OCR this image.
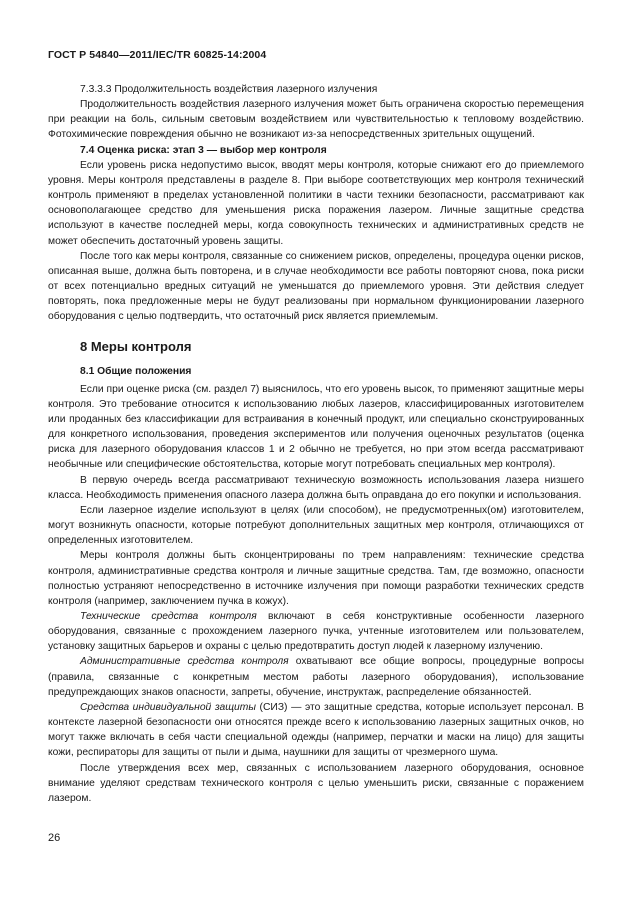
ГОСТ Р 54840—2011/IEC/TR 60825-14:2004

7.3.3.3 Продолжительность воздействия лазерного излучения

Продолжительность воздействия лазерного излучения может быть ограничена скоростью перемещения при реакции на боль, сильным световым воздействием или чувствительностью к тепловому воздействию. Фотохимические повреждения обычно не возникают из-за непосредственных зрительных ощущений.

7.4 Оценка риска: этап 3 — выбор мер контроля

Если уровень риска недопустимо высок, вводят меры контроля, которые снижают его до приемлемого уровня. Меры контроля представлены в разделе 8. При выборе соответствующих мер контроля технический контроль применяют в пределах установленной политики в части техники безопасности, рассматривают как основополагающее средство для уменьшения риска поражения лазером. Личные защитные средства используют в качестве последней меры, когда совокупность технических и административных средств не может обеспечить достаточный уровень защиты.

После того как меры контроля, связанные со снижением рисков, определены, процедура оценки рисков, описанная выше, должна быть повторена, и в случае необходимости все работы повторяют снова, пока риски от всех потенциально вредных ситуаций не уменьшатся до приемлемого уровня. Эти действия следует повторять, пока предложенные меры не будут реализованы при нормальном функционировании лазерного оборудования с целью подтвердить, что остаточный риск является приемлемым.

8 Меры контроля

8.1 Общие положения

Если при оценке риска (см. раздел 7) выяснилось, что его уровень высок, то применяют защитные меры контроля. Это требование относится к использованию любых лазеров, классифицированных изготовителем или проданных без классификации для встраивания в конечный продукт, или специально сконструированных для конкретного использования, проведения экспериментов или получения оценочных результатов (оценка риска для лазерного оборудования классов 1 и 2 обычно не требуется, но при этом всегда рассматривают необычные или специфические обстоятельства, которые могут потребовать специальных мер контроля).

В первую очередь всегда рассматривают техническую возможность использования лазера низшего класса. Необходимость применения опасного лазера должна быть оправдана до его покупки и использования.

Если лазерное изделие используют в целях (или способом), не предусмотренных(ом) изготовителем, могут возникнуть опасности, которые потребуют дополнительных защитных мер контроля, отличающихся от определенных изготовителем.

Меры контроля должны быть сконцентрированы по трем направлениям: технические средства контроля, административные средства контроля и личные защитные средства. Там, где возможно, опасности полностью устраняют непосредственно в источнике излучения при помощи разработки технических средств контроля (например, заключением пучка в кожух).

Технические средства контроля включают в себя конструктивные особенности лазерного оборудования, связанные с прохождением лазерного пучка, учтенные изготовителем или пользователем, установку защитных барьеров и охраны с целью предотвратить доступ людей к лазерному излучению.

Административные средства контроля охватывают все общие вопросы, процедурные вопросы (правила, связанные с конкретным местом работы лазерного оборудования), использование предупреждающих знаков опасности, запреты, обучение, инструктаж, распределение обязанностей.

Средства индивидуальной защиты (СИЗ) — это защитные средства, которые использует персонал. В контексте лазерной безопасности они относятся прежде всего к использованию лазерных защитных очков, но могут также включать в себя части специальной одежды (например, перчатки и маски на лицо) для защиты кожи, респираторы для защиты от пыли и дыма, наушники для защиты от чрезмерного шума.

После утверждения всех мер, связанных с использованием лазерного оборудования, основное внимание уделяют средствам технического контроля с целью уменьшить риски, связанные с поражением лазером.

26
